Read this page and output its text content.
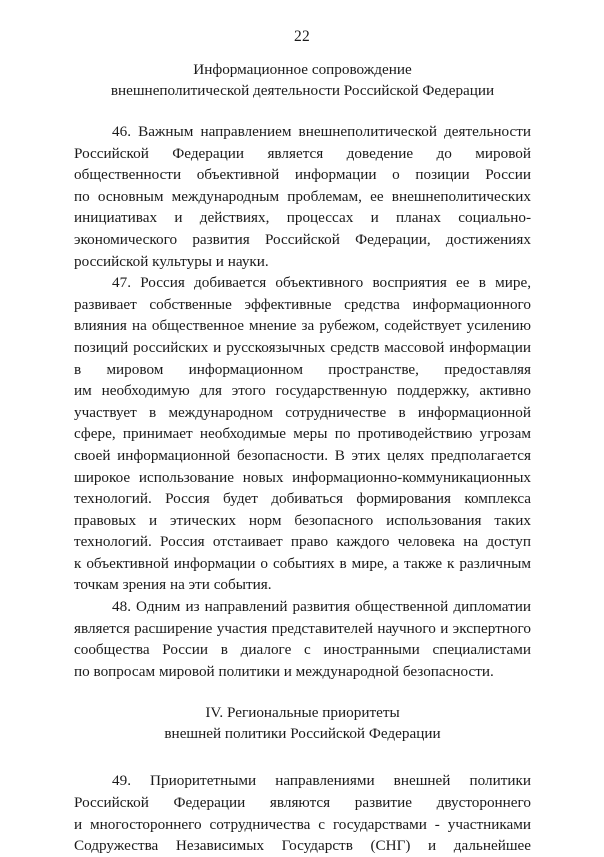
22
Информационное сопровождение
внешнеполитической деятельности Российской Федерации

46. Важным направлением внешнеполитической деятельности
Российской Федерации является доведение до мировой
общественности объективной информации о позиции России
по основным международным проблемам, ее внешнеполитических
инициативах и действиях, процессах и планах социально-
экономического развития Российской Федерации, достижениях
российской культуры и науки.

47. Россия добивается объективного восприятия ее в мире,
развивает собственные эффективные средства информационного
влияния на общественное мнение за рубежом, содействует усилению
позиций российских и русскоязычных средств массовой информации
в мировом информационном пространстве, предоставляя
им необходимую для этого государственную поддержку, активно
участвует в международном сотрудничестве в информационной
сфере, принимает необходимые меры по противодействию угрозам
своей информационной безопасности. В этих целях предполагается
широкое использование новых информационно-коммуникационных
технологий. Россия будет добиваться формирования комплекса
правовых и этических норм безопасного использования таких
технологий. Россия отстаивает право каждого человека на доступ
к объективной информации о событиях в мире, а также к различным
точкам зрения на эти события.

48. Одним из направлений развития общественной дипломатии
является расширение участия представителей научного и экспертного
сообщества России в диалоге с иностранными специалистами
по вопросам мировой политики и международной безопасности.

IV. Региональные приоритеты
внешней политики Российской Федерации

49. Приоритетными направлениями внешней политики
Российской Федерации являются развитие двустороннего
и многостороннего сотрудничества с государствами - участниками
Содружества Независимых Государств (СНГ) и дальнейшее
